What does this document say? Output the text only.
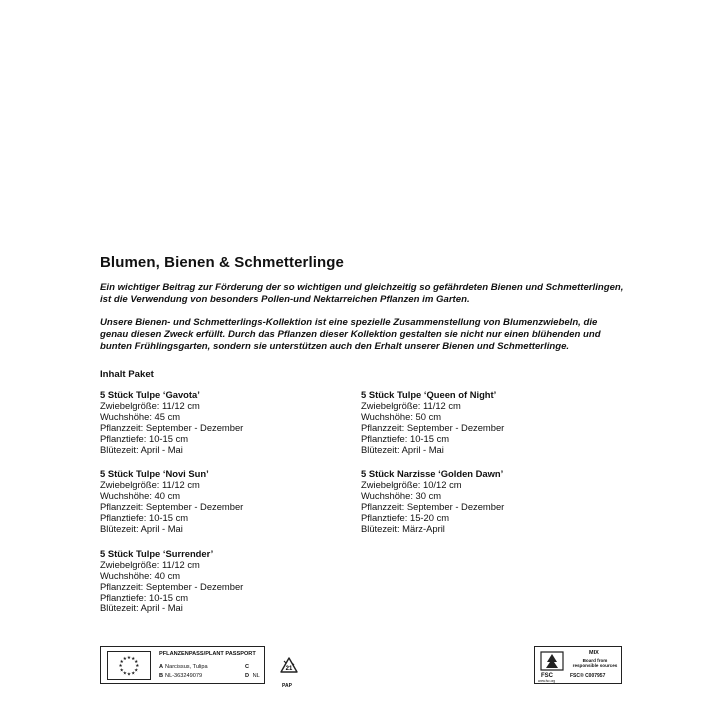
Blumen, Bienen & Schmetterlinge

Ein wichtiger Beitrag zur Förderung der so wichtigen und gleichzeitig so gefährdeten Bienen und Schmetterlingen, ist die Verwendung von besonders Pollen-und Nektarreichen Pflanzen im Garten.

Unsere Bienen- und Schmetterlings-Kollektion ist eine spezielle Zusammenstellung von Blumenzwiebeln, die genau diesen Zweck erfüllt. Durch das Pflanzen dieser Kollektion gestalten sie nicht nur einen blühenden und bunten Frühlingsgarten, sondern sie unterstützen auch den Erhalt unserer Bienen und Schmetterlinge.

Inhalt Paket
5 Stück Tulpe ‘Gavota’
Zwiebelgröße: 11/12 cm
Wuchshöhe: 45 cm
Pflanzzeit: September - Dezember
Pflanztiefe: 10-15 cm
Blütezeit: April - Mai
5 Stück Tulpe ‘Novi Sun’
Zwiebelgröße: 11/12 cm
Wuchshöhe: 40 cm
Pflanzzeit: September - Dezember
Pflanztiefe: 10-15 cm
Blütezeit: April - Mai
5 Stück Tulpe ‘Surrender’
Zwiebelgröße: 11/12 cm
Wuchshöhe: 40 cm
Pflanzzeit: September - Dezember
Pflanztiefe: 10-15 cm
Blütezeit: April - Mai
5 Stück Tulpe ‘Queen of Night’
Zwiebelgröße: 11/12 cm
Wuchshöhe: 50 cm
Pflanzzeit: September - Dezember
Pflanztiefe: 10-15 cm
Blütezeit: April - Mai
5 Stück Narzisse ‘Golden Dawn’
Zwiebelgröße: 10/12 cm
Wuchshöhe: 30 cm
Pflanzzeit: September - Dezember
Pflanztiefe: 15-20 cm
Blütezeit: März-April
★ ★
★
★
★
★
★
★
★
★
★
★
PFLANZENPASS/PLANT PASSPORT
A Narcissus, Tulipa	C
B NL-363249079	D NL
21
PAP
FSC
MIX
Board from responsible sources
FSC® C007957
www.fsc.org
